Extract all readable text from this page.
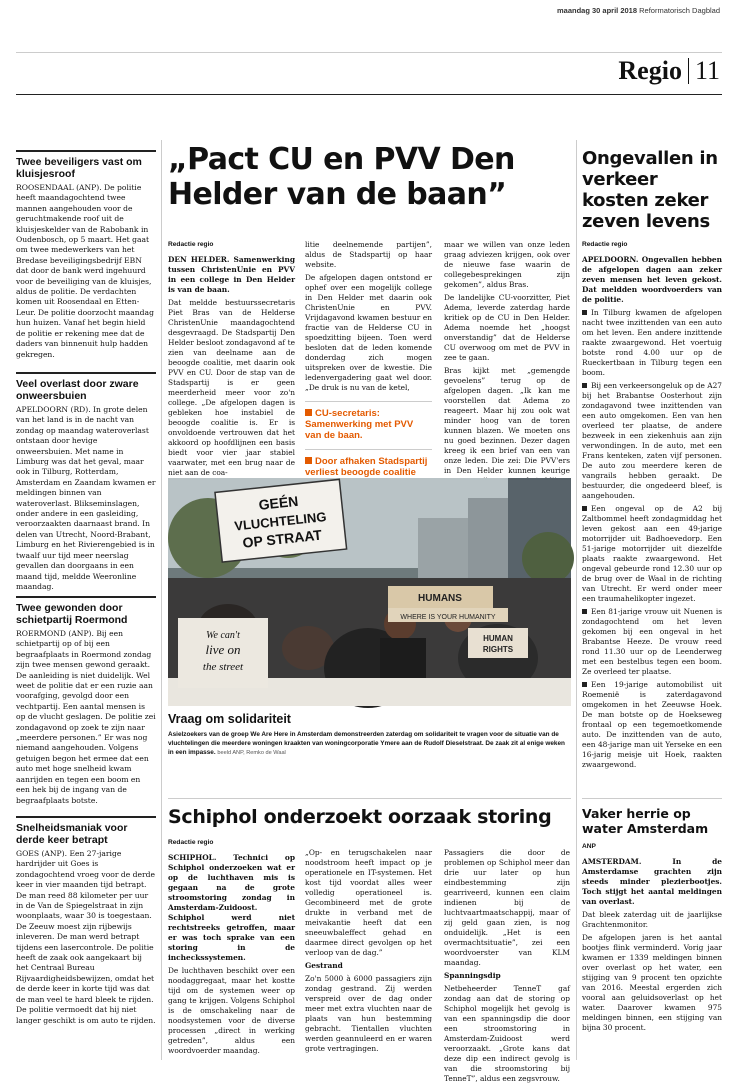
maandag 30 april 2018 Reformatorisch Dagblad
Regio 11
Twee beveiligers vast om kluisjesroof

ROOSENDAAL (ANP). De politie heeft maandagochtend twee mannen aangehouden voor de geruchtmakende roof uit de kluisjeskelder van de Rabobank in Oudenbosch, op 5 maart. Het gaat om twee medewerkers van het Bredase beveiligingsbedrijf EBN dat door de bank werd ingehuurd voor de beveiliging van de kluisjes, aldus de politie. De verdachten komen uit Roosendaal en Etten-Leur. De politie doorzocht maandag hun huizen. Vanaf het begin hield de politie er rekening mee dat de daders van binnenuit hulp hadden gekregen.

Veel overlast door zware onweersbuien

APELDOORN (RD). In grote delen van het land is in de nacht van zondag op maandag wateroverlast ontstaan door hevige onweersbuien. Met name in Limburg was dat het geval, maar ook in Tilburg, Rotterdam, Amsterdam en Zaandam kwamen er meldingen binnen van wateroverlast. Blikseminslagen, onder andere in een gasleiding, veroorzaakten daarnaast brand. In delen van Utrecht, Noord-Brabant, Limburg en het Rivierengebied is in twaalf uur tijd meer neerslag gevallen dan doorgaans in een maand tijd, meldde Weeronline maandag.

Twee gewonden door schietpartij Roermond

ROERMOND (ANP). Bij een schietpartij op of bij een begraafplaats in Roermond zondag zijn twee mensen gewond geraakt. De aanleiding is niet duidelijk. Wel weet de politie dat er een ruzie aan voorafging, gevolgd door een vechtpartij. Een aantal mensen is op de vlucht geslagen. De politie zei zondagavond op zoek te zijn naar „meerdere personen.” Er was nog niemand aangehouden. Volgens getuigen begon het ermee dat een auto met hoge snelheid kwam aanrijden en tegen een boom en een hek bij de ingang van de begraafplaats botste.

Snelheidsmaniak voor derde keer betrapt

GOES (ANP). Een 27-jarige hardrijder uit Goes is zondagochtend vroeg voor de derde keer in vier maanden tijd betrapt. De man reed 88 kilometer per uur in de Van de Spiegelstraat in zijn woonplaats, waar 30 is toegestaan. De Zeeuw moest zijn rijbewijs inleveren. De man werd betrapt tijdens een lasercontrole. De politie heeft de zaak ook aangekaart bij het Centraal Bureau Rijvaardigheidsbewijzen, omdat het de derde keer in korte tijd was dat de man veel te hard bleek te rijden. De politie vermoedt dat hij niet langer geschikt is om auto te rijden.

„Pact CU en PVV Den Helder van de baan”
Redactie regio

DEN HELDER. Samenwerking tussen ChristenUnie en PVV in een college in Den Helder is van de baan.

Dat meldde bestuurssecretaris Piet Bras van de Helderse ChristenUnie maandagochtend desgevraagd. De Stadspartij Den Helder besloot zondagavond af te zien van deelname aan de beoogde coalitie, met daarin ook PVV en CU. Door de stap van de Stadspartij is er geen meerderheid meer voor zo'n college. „De afgelopen dagen is gebleken hoe instabiel de beoogde coalitie is. Er is onvoldoende vertrouwen dat het akkoord op hoofdlijnen een basis biedt voor vier jaar stabiel vaarwater, met een brug naar de niet aan de coa-

litie deelnemende partijen”, aldus de Stadspartij op haar website.

De afgelopen dagen ontstond er ophef over een mogelijk college in Den Helder met daarin ook ChristenUnie en PVV. Vrijdagavond kwamen bestuur en fractie van de Helderse CU in spoedzitting bijeen. Toen werd besloten dat de leden komende donderdag zich mogen uitspreken over de kwestie. Die ledenvergadering gaat wel door. „De druk is nu van de ketel,

CU-secretaris: Samenwerking met PVV van de baan.
Door afhaken Stadspartij verliest beoogde coalitie

maar we willen van onze leden graag adviezen krijgen, ook over de nieuwe fase waarin de collegebesprekingen zijn gekomen”, aldus Bras.

De landelijke CU-voorzitter, Piet Adema, leverde zaterdag harde kritiek op de CU in Den Helder. Adema noemde het „hoogst onverstandig” dat de Helderse CU overwoog om met de PVV in zee te gaan.

Bras kijkt met „gemengde gevoelens” terug op de afgelopen dagen. „Ik kan me voorstellen dat Adema zo reageert. Maar hij zou ook wat minder hoog van de toren kunnen blazen. We moeten ons nu goed bezinnen. Dezer dagen kreeg ik een brief van een van onze leden. Die zei: Die PVV'ers in Den Helder kunnen keurige

GEÉN
VLUCHTELING
OP STRAAT
HUMANS
WHERE IS YOUR HUMANITY
We can't
live on
the street
HUMAN
RIGHTS
Vraag om solidariteit
Asielzoekers van de groep We Are Here in Amsterdam demonstreerden zaterdag om solidariteit te vragen voor de situatie van de vluchtelingen die meerdere woningen kraakten van woningcorporatie Ymere aan de Rudolf Dieselstraat. De zaak zit al enige weken in een impasse. beeld ANP, Remko de Waal
Schiphol onderzoekt oorzaak storing
Redactie regio

SCHIPHOL. Technici op Schiphol onderzoeken wat er op de luchthaven mis is gegaan na de grote stroomstoring zondag in Amsterdam-Zuidoost. Schiphol werd niet rechtstreeks getroffen, maar er was toch sprake van een storing in de incheckssystemen.

De luchthaven beschikt over een noodaggregaat, maar het kostte tijd om de systemen weer op gang te krijgen. Volgens Schiphol is de omschakeling naar de noodsystemen voor de diverse processen „direct in werking getreden”, aldus een woordvoerder maandag.

„Op- en terugschakelen naar noodstroom heeft impact op je operationele en IT-systemen. Het kost tijd voordat alles weer volledig operationeel is. Gecombineerd met de grote drukte in verband met de meivakantie heeft dat een sneeuwbaleffect gehad en daarmee direct gevolgen op het verloop van de dag.”

Gestrand

Zo'n 5000 à 6000 passagiers zijn zondag gestrand. Zij werden verspreid over de dag onder meer met extra vluchten naar de plaats van hun bestemming gebracht. Tientallen vluchten werden geannuleerd en er waren grote vertragingen.

Passagiers die door de problemen op Schiphol meer dan drie uur later op hun eindbestemming zijn gearriveerd, kunnen een claim indienen bij de luchtvaartmaatschappij, maar of zij geld gaan zien, is nog onduidelijk. „Het is een overmachtsituatie”, zei een woordvoerster van KLM maandag.

Spanningsdip

Netbeheerder TenneT gaf zondag aan dat de storing op Schiphol mogelijk het gevolg is van een spanningsdip die door een stroomstoring in Amsterdam-Zuidoost werd veroorzaakt. „Grote kans dat deze dip een indirect gevolg is van die stroomstoring bij TenneT”, aldus een zegsvrouw.

Ongevallen in verkeer kosten zeker zeven levens
Redactie regio

APELDOORN. Ongevallen hebben de afgelopen dagen aan zeker zeven mensen het leven gekost. Dat meldden woordvoerders van de politie.

In Tilburg kwamen de afgelopen nacht twee inzittenden van een auto om het leven. Een andere inzittende raakte zwaargewond. Het voertuig botste rond 4.00 uur op de Rueckertbaan in Tilburg tegen een boom.

Bij een verkeersongeluk op de A27 bij het Brabantse Oosterhout zijn zondagavond twee inzittenden van een auto omgekomen. Een van hen overleed ter plaatse, de andere bezweek in een ziekenhuis aan zijn verwondingen. In de auto, met een Frans kenteken, zaten vijf personen. De auto zou meerdere keren de vangrails hebben geraakt. De bestuurder, die ongedeerd bleef, is aangehouden.

Een ongeval op de A2 bij Zaltbommel heeft zondagmiddag het leven gekost aan een 49-jarige motorrijder uit Badhoevedorp. Een 51-jarige motorrijder uit diezelfde plaats raakte zwaargewond. Het ongeval gebeurde rond 12.30 uur op de brug over de Waal in de richting van Utrecht. Er werd onder meer een traumahelikopter ingezet.

Een 81-jarige vrouw uit Nuenen is zondagochtend om het leven gekomen bij een ongeval in het Brabantse Heeze. De vrouw reed rond 11.30 uur op de Leenderweg met een bestelbus tegen een boom. Ze overleed ter plaatse.

Een 19-jarige automobilist uit Roemenië is zaterdagavond omgekomen in het Zeeuwse Hoek. De man botste op de Hoekseweg frontaal op een tegemoetkomende auto. De inzittenden van de auto, een 48-jarige man uit Yerseke en een 16-jarig meisje uit Hoek, raakten zwaargewond.

Vaker herrie op water Amsterdam
ANP

AMSTERDAM. In de Amsterdamse grachten zijn steeds minder plezierbootjes. Toch stijgt het aantal meldingen van overlast.

Dat bleek zaterdag uit de jaarlijkse Grachtenmonitor.

De afgelopen jaren is het aantal bootjes flink verminderd. Vorig jaar kwamen er 1339 meldingen binnen over overlast op het water, een stijging van 9 procent ten opzichte van 2016. Meestal ergerden zich vooral aan geluidsoverlast op het water. Daarover kwamen 975 meldingen binnen, een stijging van bijna 30 procent.
